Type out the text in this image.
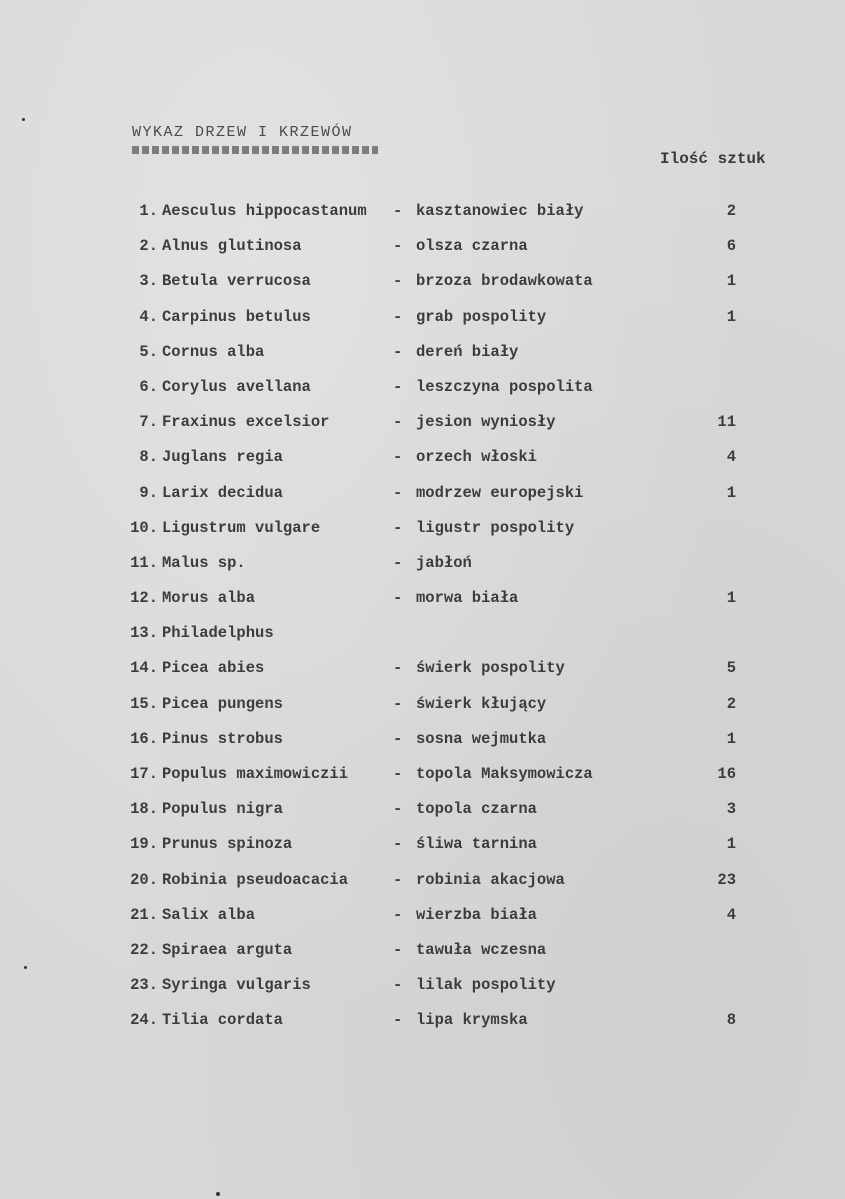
WYKAZ DRZEW I KRZEWÓW
Ilość sztuk
1. Aesculus hippocastanum - kasztanowiec biały	2
2. Alnus glutinosa	- olsza czarna	6
3. Betula verrucosa	- brzoza brodawkowata	1
4. Carpinus betulus	- grab pospolity	1
5. Cornus alba	- dereń biały
6. Corylus avellana	- leszczyna pospolita
7. Fraxinus excelsior	- jesion wyniosły	11
8. Juglans regia	- orzech włoski	4
9. Larix decidua	- modrzew europejski	1
10. Ligustrum vulgare	- ligustr pospolity
11. Malus sp.	- jabłoń
12. Morus alba	- morwa biała	1
13. Philadelphus
14. Picea abies	- świerk pospolity	5
15. Picea pungens	- świerk kłujący	2
16. Pinus strobus	- sosna wejmutka	1
17. Populus maximowiczii	- topola Maksymowicza	16
18. Populus nigra	- topola czarna	3
19. Prunus spinoza	- śliwa tarnina	1
20. Robinia pseudoacacia	- robinia akacjowa	23
21. Salix alba	- wierzba biała	4
22. Spiraea arguta	- tawuła wczesna
23. Syringa vulgaris	- lilak pospolity
24. Tilia cordata	- lipa krymska	8
